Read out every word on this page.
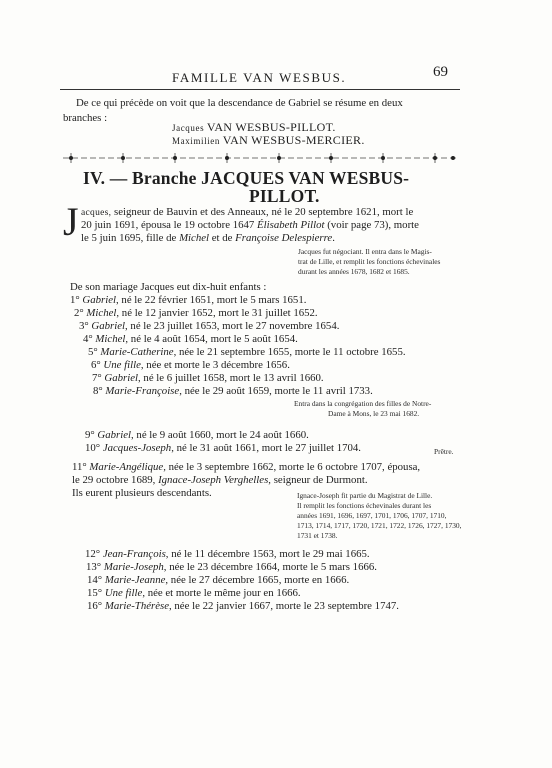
FAMILLE VAN WESBUS.	69
De ce qui précède on voit que la descendance de Gabriel se résume en deux
branches :
Jacques VAN WESBUS-PILLOT.
Maximilien VAN WESBUS-MERCIER.
IV. — Branche JACQUES VAN WESBUS-
PILLOT.
J acques, seigneur de Bauvin et des Anneaux, né le 20 septembre 1621, mort le
20 juin 1691, épousa le 19 octobre 1647 Élisabeth Pillot (voir page 73), morte
le 5 juin 1695, fille de Michel et de Françoise Delespierre.
Jacques fut négociant. Il entra dans le Magis-
trat de Lille, et remplit les fonctions échevinales
durant les années 1678, 1682 et 1685.
De son mariage Jacques eut dix-huit enfants :
1° Gabriel, né le 22 février 1651, mort le 5 mars 1651.
2° Michel, né le 12 janvier 1652, mort le 31 juillet 1652.
3° Gabriel, né le 23 juillet 1653, mort le 27 novembre 1654.
4° Michel, né le 4 août 1654, mort le 5 août 1654.
5° Marie-Catherine, née le 21 septembre 1655, morte le 11 octobre 1655.
6° Une fille, née et morte le 3 décembre 1656.
7° Gabriel, né le 6 juillet 1658, mort le 13 avril 1660.
8° Marie-Françoise, née le 29 août 1659, morte le 11 avril 1733.
Entra dans la congrégation des filles de Notre-
Dame à Mons, le 23 mai 1682.
9° Gabriel, né le 9 août 1660, mort le 24 août 1660.
10° Jacques-Joseph, né le 31 août 1661, mort le 27 juillet 1704.	Prêtre.
11° Marie-Angélique, née le 3 septembre 1662, morte le 6 octobre 1707, épousa,
le 29 octobre 1689, Ignace-Joseph Verghelles, seigneur de Durmont.
Ils eurent plusieurs descendants.	Ignace-Joseph fit partie du Magistrat de Lille.
Il remplit les fonctions échevinales durant les
années 1691, 1696, 1697, 1701, 1706, 1707, 1710,
1713, 1714, 1717, 1720, 1721, 1722, 1726, 1727, 1730,
1731 et 1738.
12° Jean-François, né le 11 décembre 1563, mort le 29 mai 1665.
13° Marie-Joseph, née le 23 décembre 1664, morte le 5 mars 1666.
14° Marie-Jeanne, née le 27 décembre 1665, morte en 1666.
15° Une fille, née et morte le même jour en 1666.
16° Marie-Thérèse, née le 22 janvier 1667, morte le 23 septembre 1747.
